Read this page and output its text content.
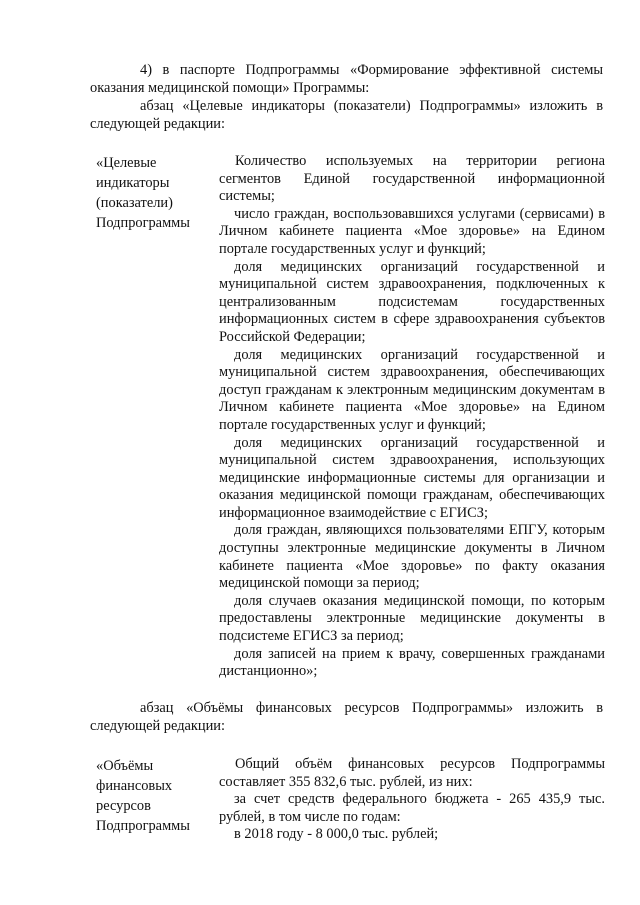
4) в паспорте Подпрограммы «Формирование эффективной системы оказания медицинской помощи» Программы:
абзац «Целевые индикаторы (показатели) Подпрограммы» изложить в следующей редакции:
«Целевые
индикаторы
(показатели)
Подпрограммы

Количество используемых на территории региона сегментов Единой государственной информационной системы;

число граждан, воспользовавшихся услугами (сервисами) в Личном кабинете пациента «Мое здоровье» на Едином портале государственных услуг и функций;

доля медицинских организаций государственной и муниципальной систем здравоохранения, подключенных к централизованным подсистемам государственных информационных систем в сфере здравоохранения субъектов Российской Федерации;

доля медицинских организаций государственной и муниципальной систем здравоохранения, обеспечивающих доступ гражданам к электронным медицинским документам в Личном кабинете пациента «Мое здоровье» на Едином портале государственных услуг и функций;

доля медицинских организаций государственной и муниципальной систем здравоохранения, использующих медицинские информационные системы для организации и оказания медицинской помощи гражданам, обеспечивающих информационное взаимодействие с ЕГИСЗ;

доля граждан, являющихся пользователями ЕПГУ, которым доступны электронные медицинские документы в Личном кабинете пациента «Мое здоровье» по факту оказания медицинской помощи за период;

доля случаев оказания медицинской помощи, по которым предоставлены электронные медицинские документы в подсистеме ЕГИСЗ за период;

доля записей на прием к врачу, совершенных гражданами дистанционно»;

абзац «Объёмы финансовых ресурсов Подпрограммы» изложить в следующей редакции:
«Объёмы
финансовых
ресурсов
Подпрограммы

Общий объём финансовых ресурсов Подпрограммы составляет 355 832,6 тыс. рублей, из них:

за счет средств федерального бюджета - 265 435,9 тыс. рублей, в том числе по годам:

в 2018 году - 8 000,0 тыс. рублей;
